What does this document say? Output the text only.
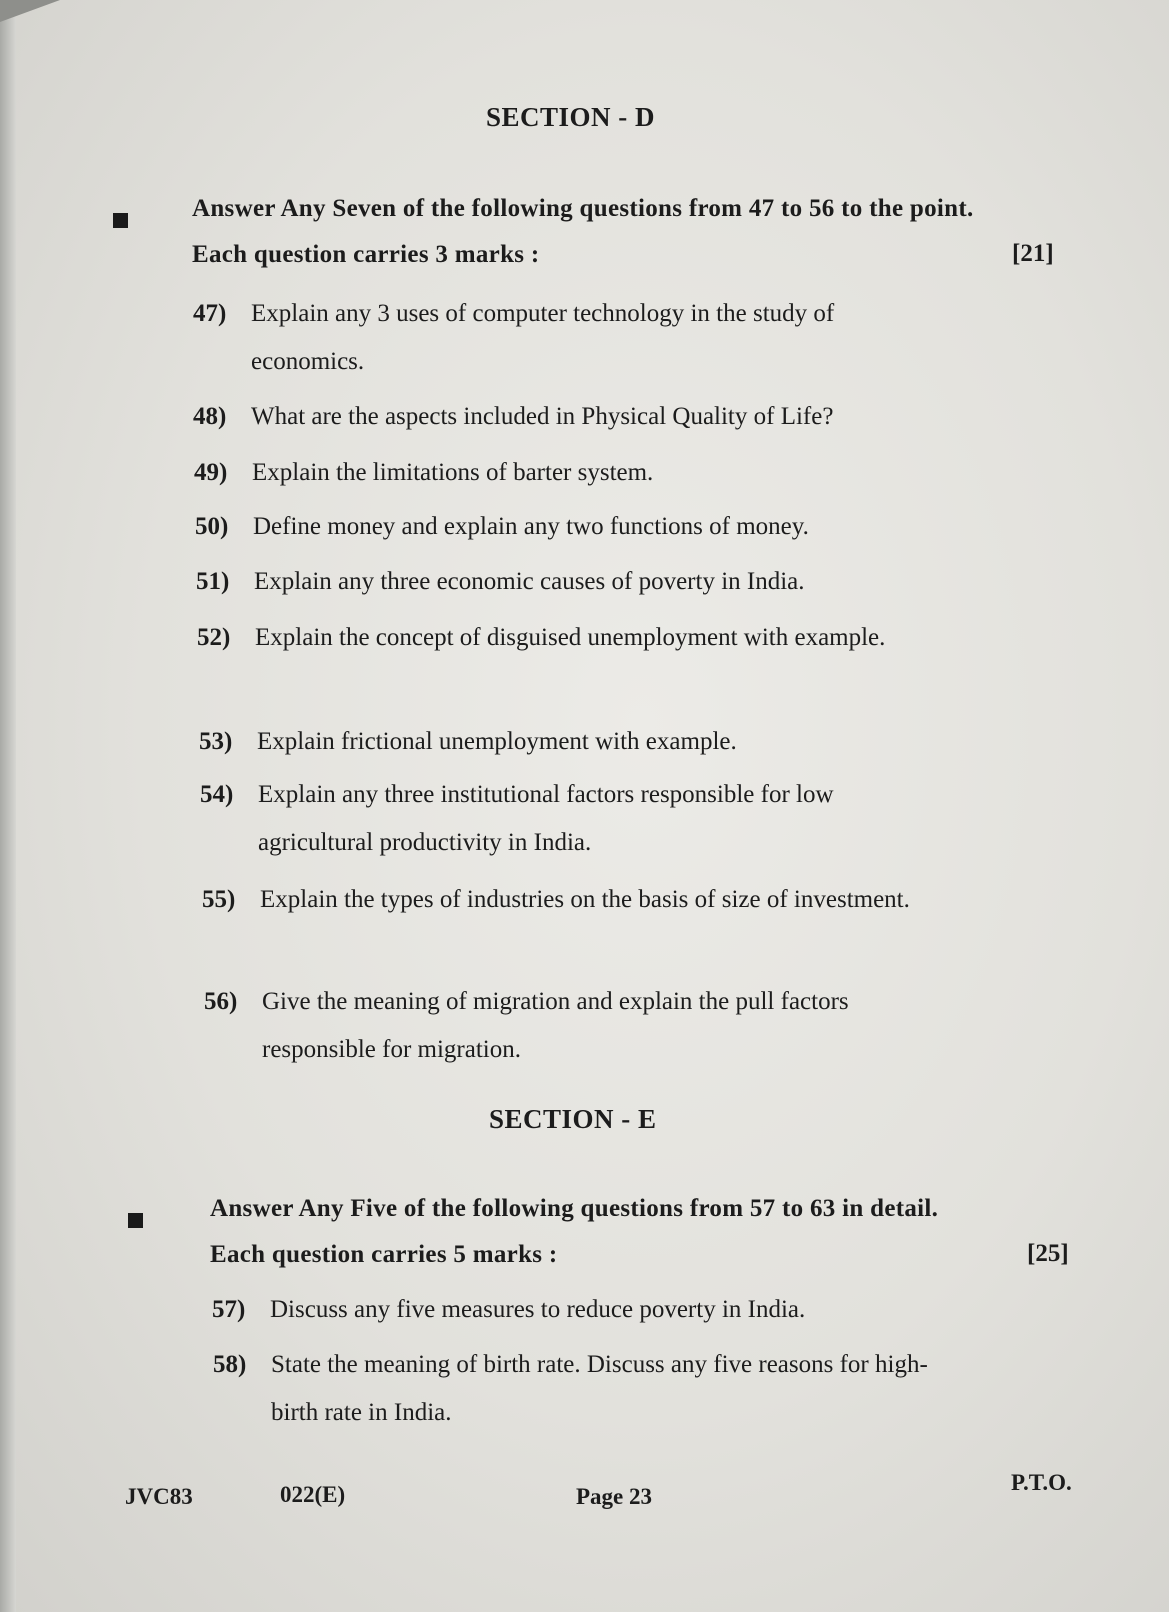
SECTION - D
Answer Any Seven of the following questions from 47 to 56 to the point. Each question carries 3 marks :	[21]
47) Explain any 3 uses of computer technology in the study of economics.
48) What are the aspects included in Physical Quality of Life?
49) Explain the limitations of barter system.
50) Define money and explain any two functions of money.
51) Explain any three economic causes of poverty in India.
52) Explain the concept of disguised unemployment with example.
53) Explain frictional unemployment with example.
54) Explain any three institutional factors responsible for low agricultural productivity in India.
55) Explain the types of industries on the basis of size of investment.
56) Give the meaning of migration and explain the pull factors responsible for migration.
SECTION - E
Answer Any Five of the following questions from 57 to 63 in detail. Each question carries 5 marks :	[25]
57) Discuss any five measures to reduce poverty in India.
58) State the meaning of birth rate. Discuss any five reasons for high-birth rate in India.
JVC83	022(E)	Page 23
P.T.O.
